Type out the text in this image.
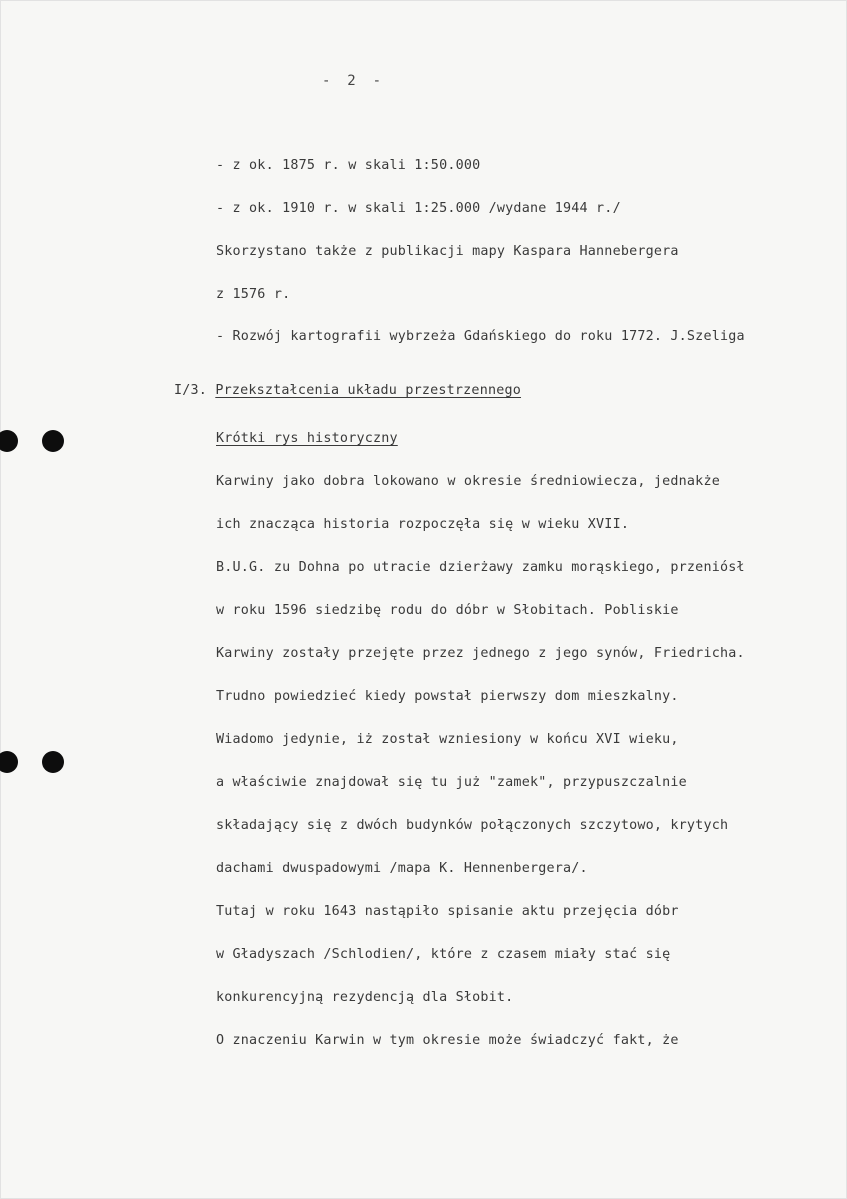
-  2  -
- z ok. 1875 r. w skali 1:50.000
- z ok. 1910 r. w skali 1:25.000 /wydane 1944 r./
Skorzystano także z publikacji mapy Kaspara Hannebergera
z 1576 r.
- Rozwój kartografii wybrzeża Gdańskiego do roku 1772. J.Szeliga
I/3. Przekształcenia układu przestrzennego
Krótki rys historyczny
Karwiny jako dobra lokowano w okresie średniowiecza, jednakże
ich znacząca historia rozpoczęła się w wieku XVII.
B.U.G. zu Dohna po utracie dzierżawy zamku morąskiego, przeniósł
w roku 1596 siedzibę rodu do dóbr w Słobitach. Pobliskie
Karwiny zostały przejęte przez jednego z jego synów, Friedricha.
Trudno powiedzieć kiedy powstał pierwszy dom mieszkalny.
Wiadomo jedynie, iż został wzniesiony w końcu XVI wieku,
a właściwie znajdował się tu już "zamek", przypuszczalnie
składający się z dwóch budynków połączonych szczytowo, krytych
dachami dwuspadowymi /mapa K. Hennenbergera/.
Tutaj w roku 1643 nastąpiło spisanie aktu przejęcia dóbr
w Gładyszach /Schlodien/, które z czasem miały stać się
konkurencyjną rezydencją dla Słobit.
O znaczeniu Karwin w tym okresie może świadczyć fakt, że
